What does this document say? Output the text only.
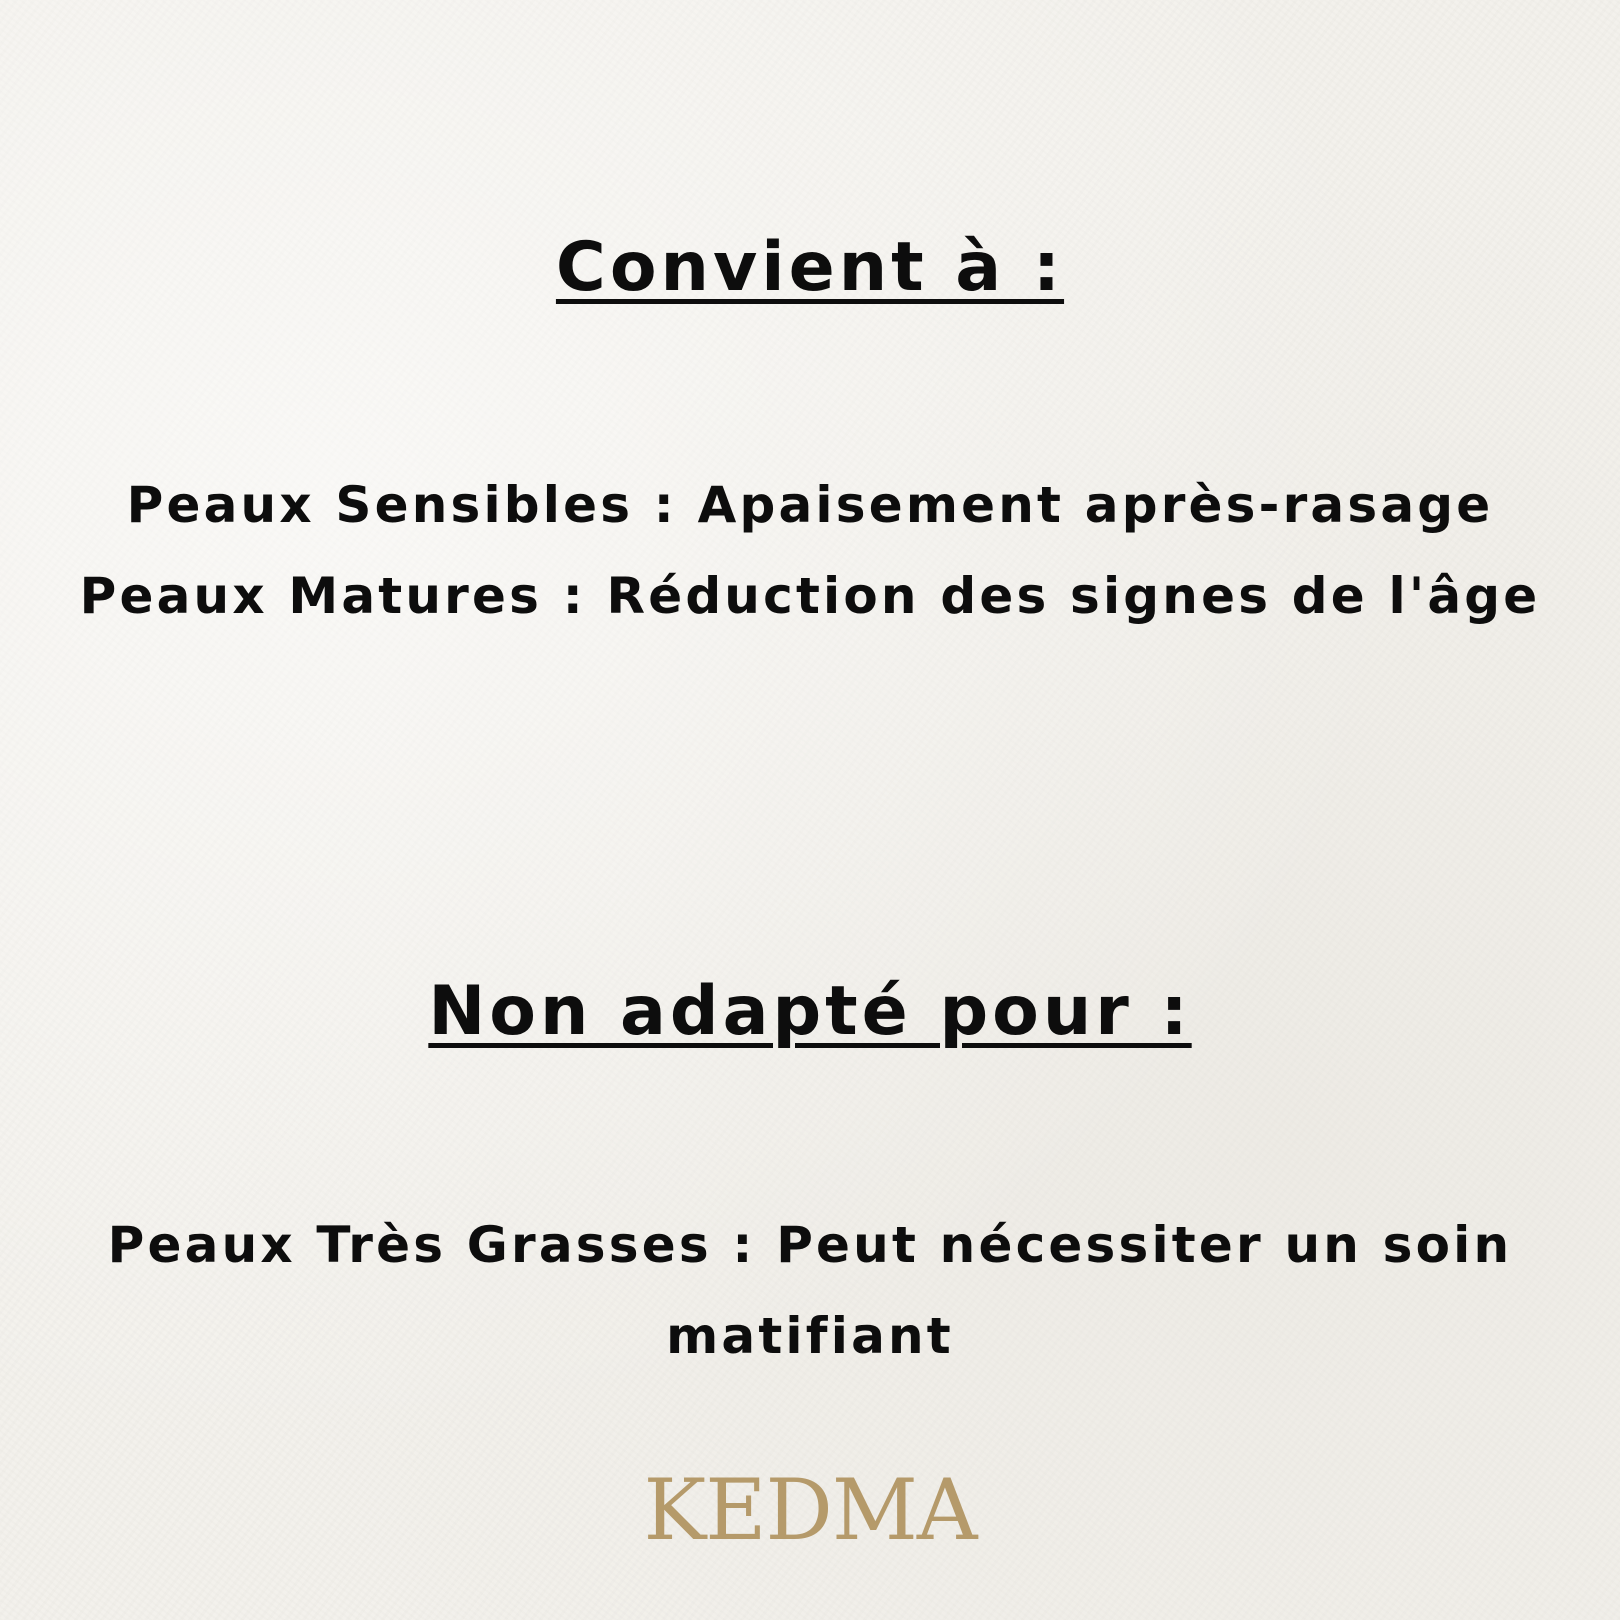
Convient à :
Peaux Sensibles : Apaisement après-rasage
Peaux Matures : Réduction des signes de l'âge
Non adapté pour :
Peaux Très Grasses : Peut nécessiter un soin matifiant
KEDMA
